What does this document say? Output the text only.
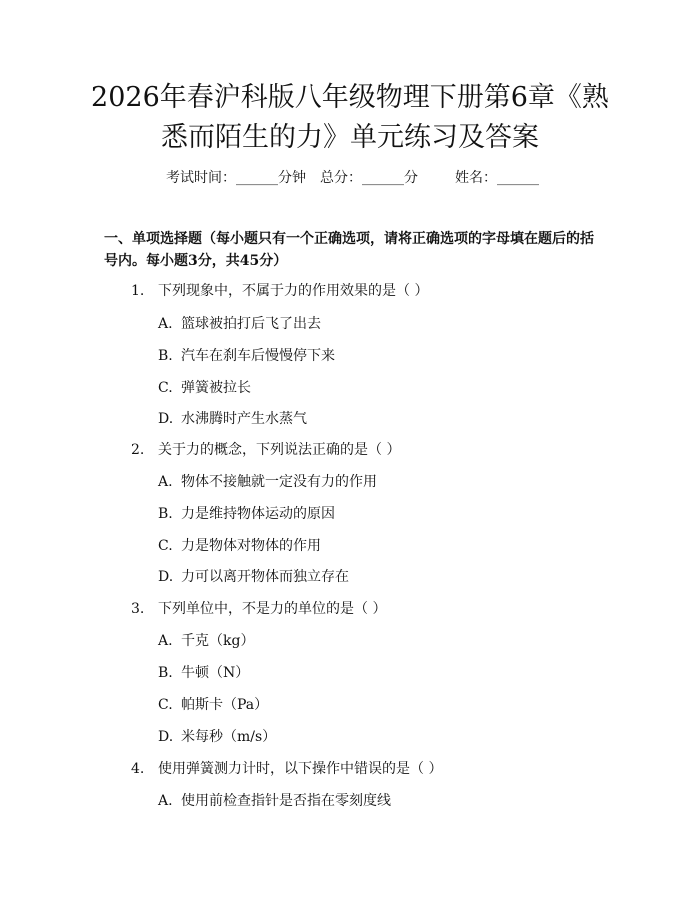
2026年春沪科版八年级物理下册第6章《熟
悉而陌生的力》单元练习及答案
考试时间：______分钟 总分：______分	姓名：______
一、单项选择题（每小题只有一个正确选项，请将正确选项的字母填在题后的括
号内。每小题3分，共45分）
1. 下列现象中，不属于力的作用效果的是（ ）
A. 篮球被拍打后飞了出去
B. 汽车在刹车后慢慢停下来
C. 弹簧被拉长
D. 水沸腾时产生水蒸气
2. 关于力的概念，下列说法正确的是（ ）
A. 物体不接触就一定没有力的作用
B. 力是维持物体运动的原因
C. 力是物体对物体的作用
D. 力可以离开物体而独立存在
3. 下列单位中，不是力的单位的是（ ）
A. 千克（kg）
B. 牛顿（N）
C. 帕斯卡（Pa）
D. 米每秒（m/s）
4. 使用弹簧测力计时，以下操作中错误的是（ ）
A. 使用前检查指针是否指在零刻度线
